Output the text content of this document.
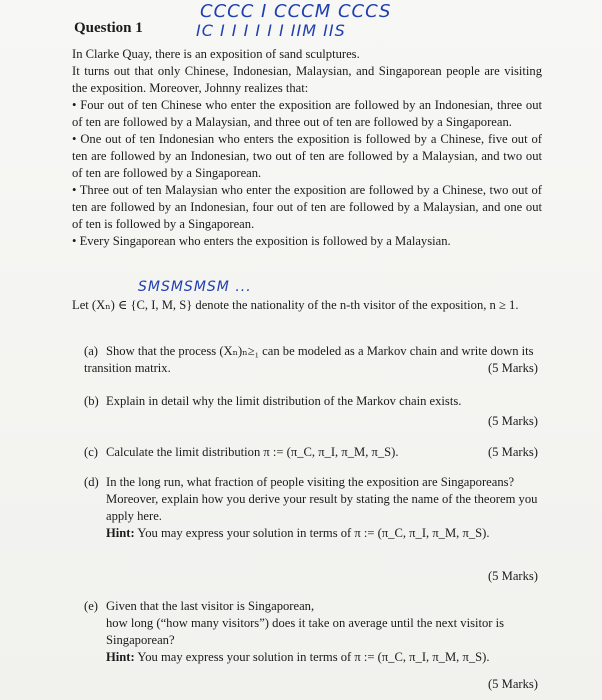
CCCC I CCCM CCCS
IC I I I I I I IIM IIS
Question 1
In Clarke Quay, there is an exposition of sand sculptures.
It turns out that only Chinese, Indonesian, Malaysian, and Singaporean people are visiting the exposition. Moreover, Johnny realizes that:
• Four out of ten Chinese who enter the exposition are followed by an Indonesian, three out of ten are followed by a Malaysian, and three out of ten are followed by a Singaporean.
• One out of ten Indonesian who enters the exposition is followed by a Chinese, five out of ten are followed by an Indonesian, two out of ten are followed by a Malaysian, and two out of ten are followed by a Singaporean.
• Three out of ten Malaysian who enter the exposition are followed by a Chinese, two out of ten are followed by an Indonesian, four out of ten are followed by a Malaysian, and one out of ten is followed by a Singaporean.
• Every Singaporean who enters the exposition is followed by a Malaysian.
SMSMSMSM ...
Let (Xₙ) ∈ {C, I, M, S} denote the nationality of the n-th visitor of the exposition, n ≥ 1.
(a) Show that the process (Xₙ)ₙ≥₁ can be modeled as a Markov chain and write down its transition matrix.	(5 Marks)
(b) Explain in detail why the limit distribution of the Markov chain exists.
(5 Marks)
(c) Calculate the limit distribution π := (π_C, π_I, π_M, π_S).	(5 Marks)
(d) In the long run, what fraction of people visiting the exposition are Singaporeans?
Moreover, explain how you derive your result by stating the name of the theorem you apply here.
Hint: You may express your solution in terms of π := (π_C, π_I, π_M, π_S).
(5 Marks)
(e) Given that the last visitor is Singaporean,
how long (“how many visitors”) does it take on average until the next visitor is Singaporean?
Hint: You may express your solution in terms of π := (π_C, π_I, π_M, π_S).
(5 Marks)
